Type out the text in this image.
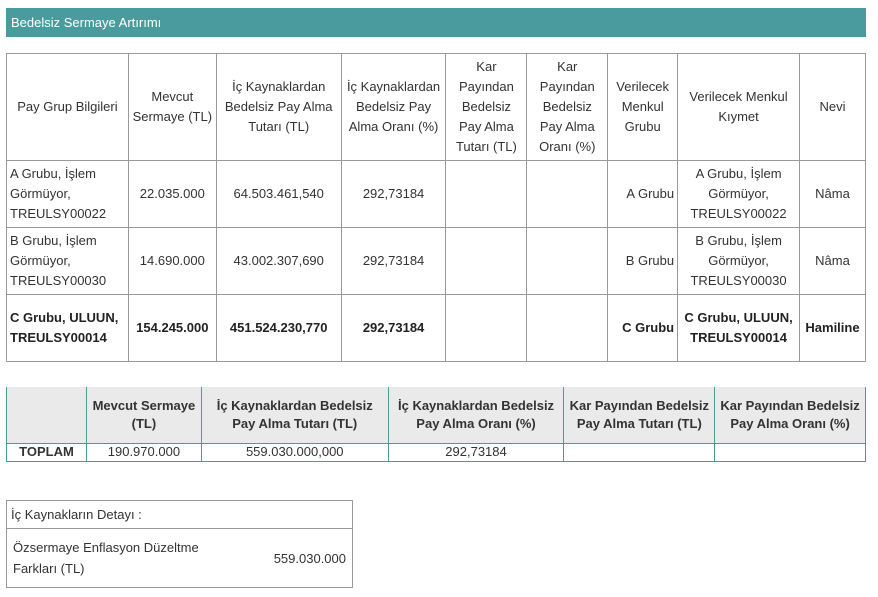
Bedelsiz Sermaye Artırımı
Pay Grup Bilgileri	Mevcut Sermaye (TL)	İç Kaynaklardan Bedelsiz Pay Alma Tutarı (TL)	İç Kaynaklardan Bedelsiz Pay Alma Oranı (%)	Kar Payından Bedelsiz Pay Alma Tutarı (TL)	Kar Payından Bedelsiz Pay Alma Oranı (%)	Verilecek Menkul Grubu	Verilecek Menkul Kıymet	Nevi
A Grubu, İşlem Görmüyor, TREULSY00022	22.035.000	64.503.461,540	292,73184			A Grubu	A Grubu, İşlem Görmüyor, TREULSY00022	Nâma
B Grubu, İşlem Görmüyor, TREULSY00030	14.690.000	43.002.307,690	292,73184			B Grubu	B Grubu, İşlem Görmüyor, TREULSY00030	Nâma
C Grubu, ULUUN, TREULSY00014	154.245.000	451.524.230,770	292,73184			C Grubu	C Grubu, ULUUN, TREULSY00014	Hamiline
	Mevcut Sermaye (TL)	İç Kaynaklardan Bedelsiz Pay Alma Tutarı (TL)	İç Kaynaklardan Bedelsiz Pay Alma Oranı (%)	Kar Payından Bedelsiz Pay Alma Tutarı (TL)	Kar Payından Bedelsiz Pay Alma Oranı (%)
TOPLAM	190.970.000	559.030.000,000	292,73184		
İç Kaynakların Detayı :
Özsermaye Enflasyon Düzeltme Farkları (TL)	559.030.000
